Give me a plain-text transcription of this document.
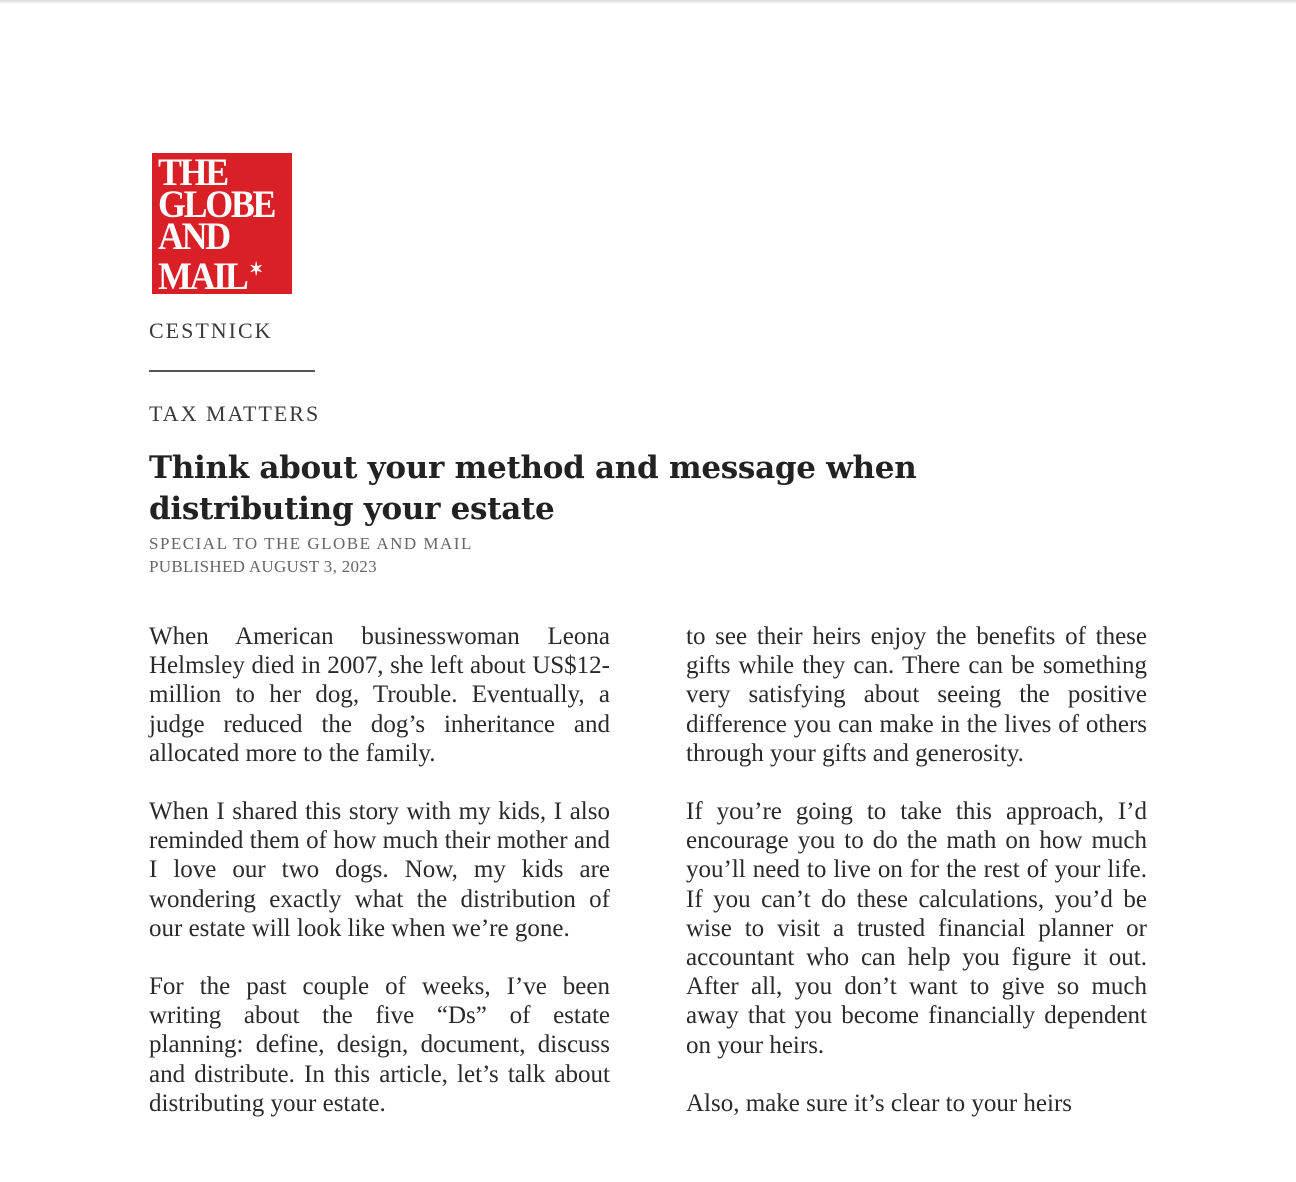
THE
GLOBE
AND
MAIL ✶
CESTNICK
TAX MATTERS
Think about your method and message when distributing your estate
SPECIAL TO THE GLOBE AND MAIL
PUBLISHED AUGUST 3, 2023

When American businesswoman Leona Helmsley died in 2007, she left about US$12-million to her dog, Trouble. Eventually, a judge reduced the dog’s inheritance and allocated more to the family.

When I shared this story with my kids, I also reminded them of how much their mother and I love our two dogs. Now, my kids are wondering exactly what the distribution of our estate will look like when we’re gone.

For the past couple of weeks, I’ve been writing about the five “Ds” of estate planning: define, design, document, discuss and distribute. In this article, let’s talk about distributing your estate.

to see their heirs enjoy the benefits of these gifts while they can. There can be something very satisfying about seeing the positive difference you can make in the lives of others through your gifts and generosity.

If you’re going to take this approach, I’d encourage you to do the math on how much you’ll need to live on for the rest of your life. If you can’t do these calculations, you’d be wise to visit a trusted financial planner or accountant who can help you figure it out. After all, you don’t want to give so much away that you become financially dependent on your heirs.

Also, make sure it’s clear to your heirs
